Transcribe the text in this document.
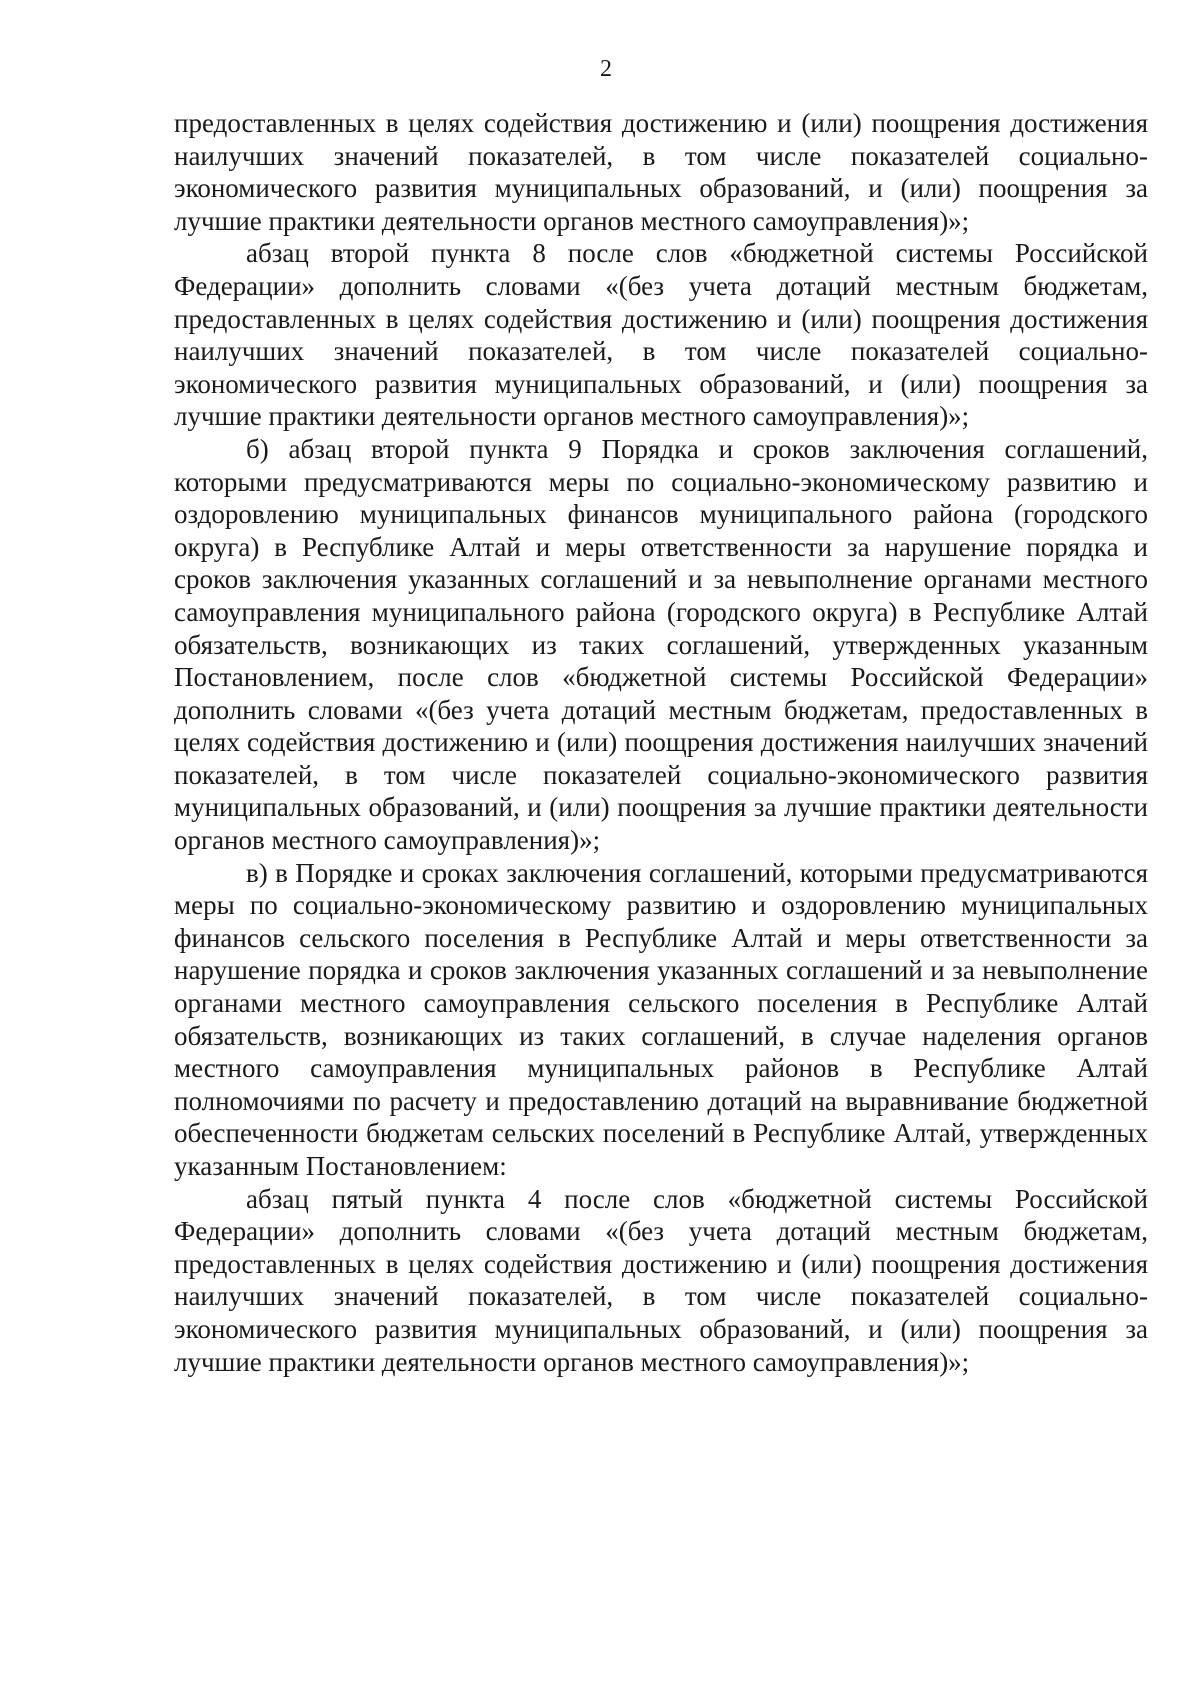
2

предоставленных в целях содействия достижению и (или) поощрения достижения наилучших значений показателей, в том числе показателей социально-экономического развития муниципальных образований, и (или) поощрения за лучшие практики деятельности органов местного самоуправления)»;

абзац второй пункта 8 после слов «бюджетной системы Российской Федерации» дополнить словами «(без учета дотаций местным бюджетам, предоставленных в целях содействия достижению и (или) поощрения достижения наилучших значений показателей, в том числе показателей социально-экономического развития муниципальных образований, и (или) поощрения за лучшие практики деятельности органов местного самоуправления)»;

б) абзац второй пункта 9 Порядка и сроков заключения соглашений, которыми предусматриваются меры по социально-экономическому развитию и оздоровлению муниципальных финансов муниципального района (городского округа) в Республике Алтай и меры ответственности за нарушение порядка и сроков заключения указанных соглашений и за невыполнение органами местного самоуправления муниципального района (городского округа) в Республике Алтай обязательств, возникающих из таких соглашений, утвержденных указанным Постановлением, после слов «бюджетной системы Российской Федерации» дополнить словами «(без учета дотаций местным бюджетам, предоставленных в целях содействия достижению и (или) поощрения достижения наилучших значений показателей, в том числе показателей социально-экономического развития муниципальных образований, и (или) поощрения за лучшие практики деятельности органов местного самоуправления)»;

в) в Порядке и сроках заключения соглашений, которыми предусматриваются меры по социально-экономическому развитию и оздоровлению муниципальных финансов сельского поселения в Республике Алтай и меры ответственности за нарушение порядка и сроков заключения указанных соглашений и за невыполнение органами местного самоуправления сельского поселения в Республике Алтай обязательств, возникающих из таких соглашений, в случае наделения органов местного самоуправления муниципальных районов в Республике Алтай полномочиями по расчету и предоставлению дотаций на выравнивание бюджетной обеспеченности бюджетам сельских поселений в Республике Алтай, утвержденных указанным Постановлением:

абзац пятый пункта 4 после слов «бюджетной системы Российской Федерации» дополнить словами «(без учета дотаций местным бюджетам, предоставленных в целях содействия достижению и (или) поощрения достижения наилучших значений показателей, в том числе показателей социально-экономического развития муниципальных образований, и (или) поощрения за лучшие практики деятельности органов местного самоуправления)»;
